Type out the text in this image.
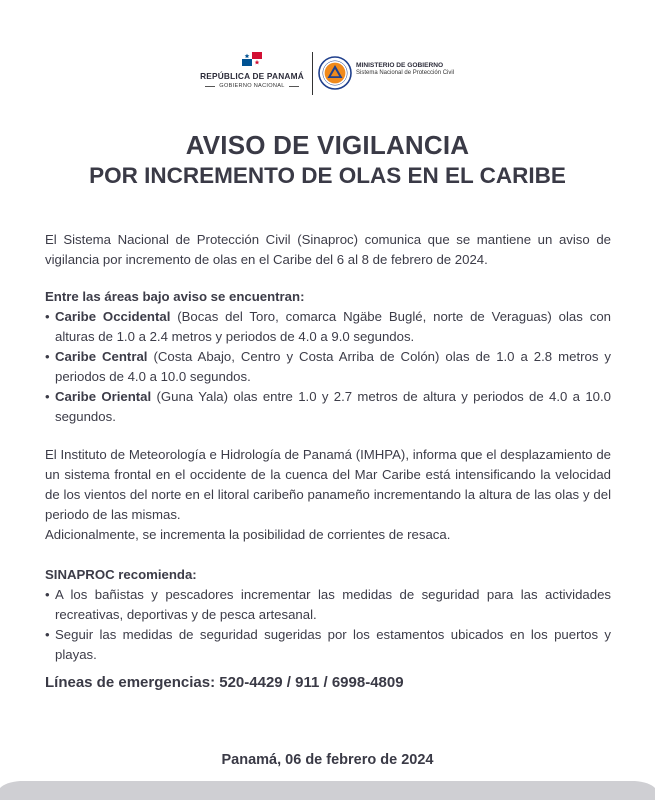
REPÚBLICA DE PANAMÁ
GOBIERNO NACIONAL
MINISTERIO DE GOBIERNO
Sistema Nacional de Protección Civil
AVISO DE VIGILANCIA
POR INCREMENTO DE OLAS EN EL CARIBE

El Sistema Nacional de Protección Civil (Sinaproc) comunica que se mantiene un aviso de vigilancia por incremento de olas en el Caribe del 6 al 8 de febrero de 2024.

Entre las áreas bajo aviso se encuentran:

• Caribe Occidental (Bocas del Toro, comarca Ngäbe Buglé, norte de Veraguas) olas con alturas de 1.0 a 2.4 metros y periodos de 4.0 a 9.0 segundos.

• Caribe Central (Costa Abajo, Centro y Costa Arriba de Colón) olas de 1.0 a 2.8 metros y periodos de 4.0 a 10.0 segundos.

• Caribe Oriental (Guna Yala) olas entre 1.0 y 2.7 metros de altura y periodos de 4.0 a 10.0 segundos.

El Instituto de Meteorología e Hidrología de Panamá (IMHPA), informa que el desplazamiento de un sistema frontal en el occidente de la cuenca del Mar Caribe está intensificando la velocidad de los vientos del norte en el litoral caribeño panameño incrementando la altura de las olas y del periodo de las mismas.

Adicionalmente, se incrementa la posibilidad de corrientes de resaca.

SINAPROC recomienda:

• A los bañistas y pescadores incrementar las medidas de seguridad para las actividades recreativas, deportivas y de pesca artesanal.

• Seguir las medidas de seguridad sugeridas por los estamentos ubicados en los puertos y playas.

Líneas de emergencias: 520-4429 / 911 / 6998-4809
Panamá, 06 de febrero de 2024
